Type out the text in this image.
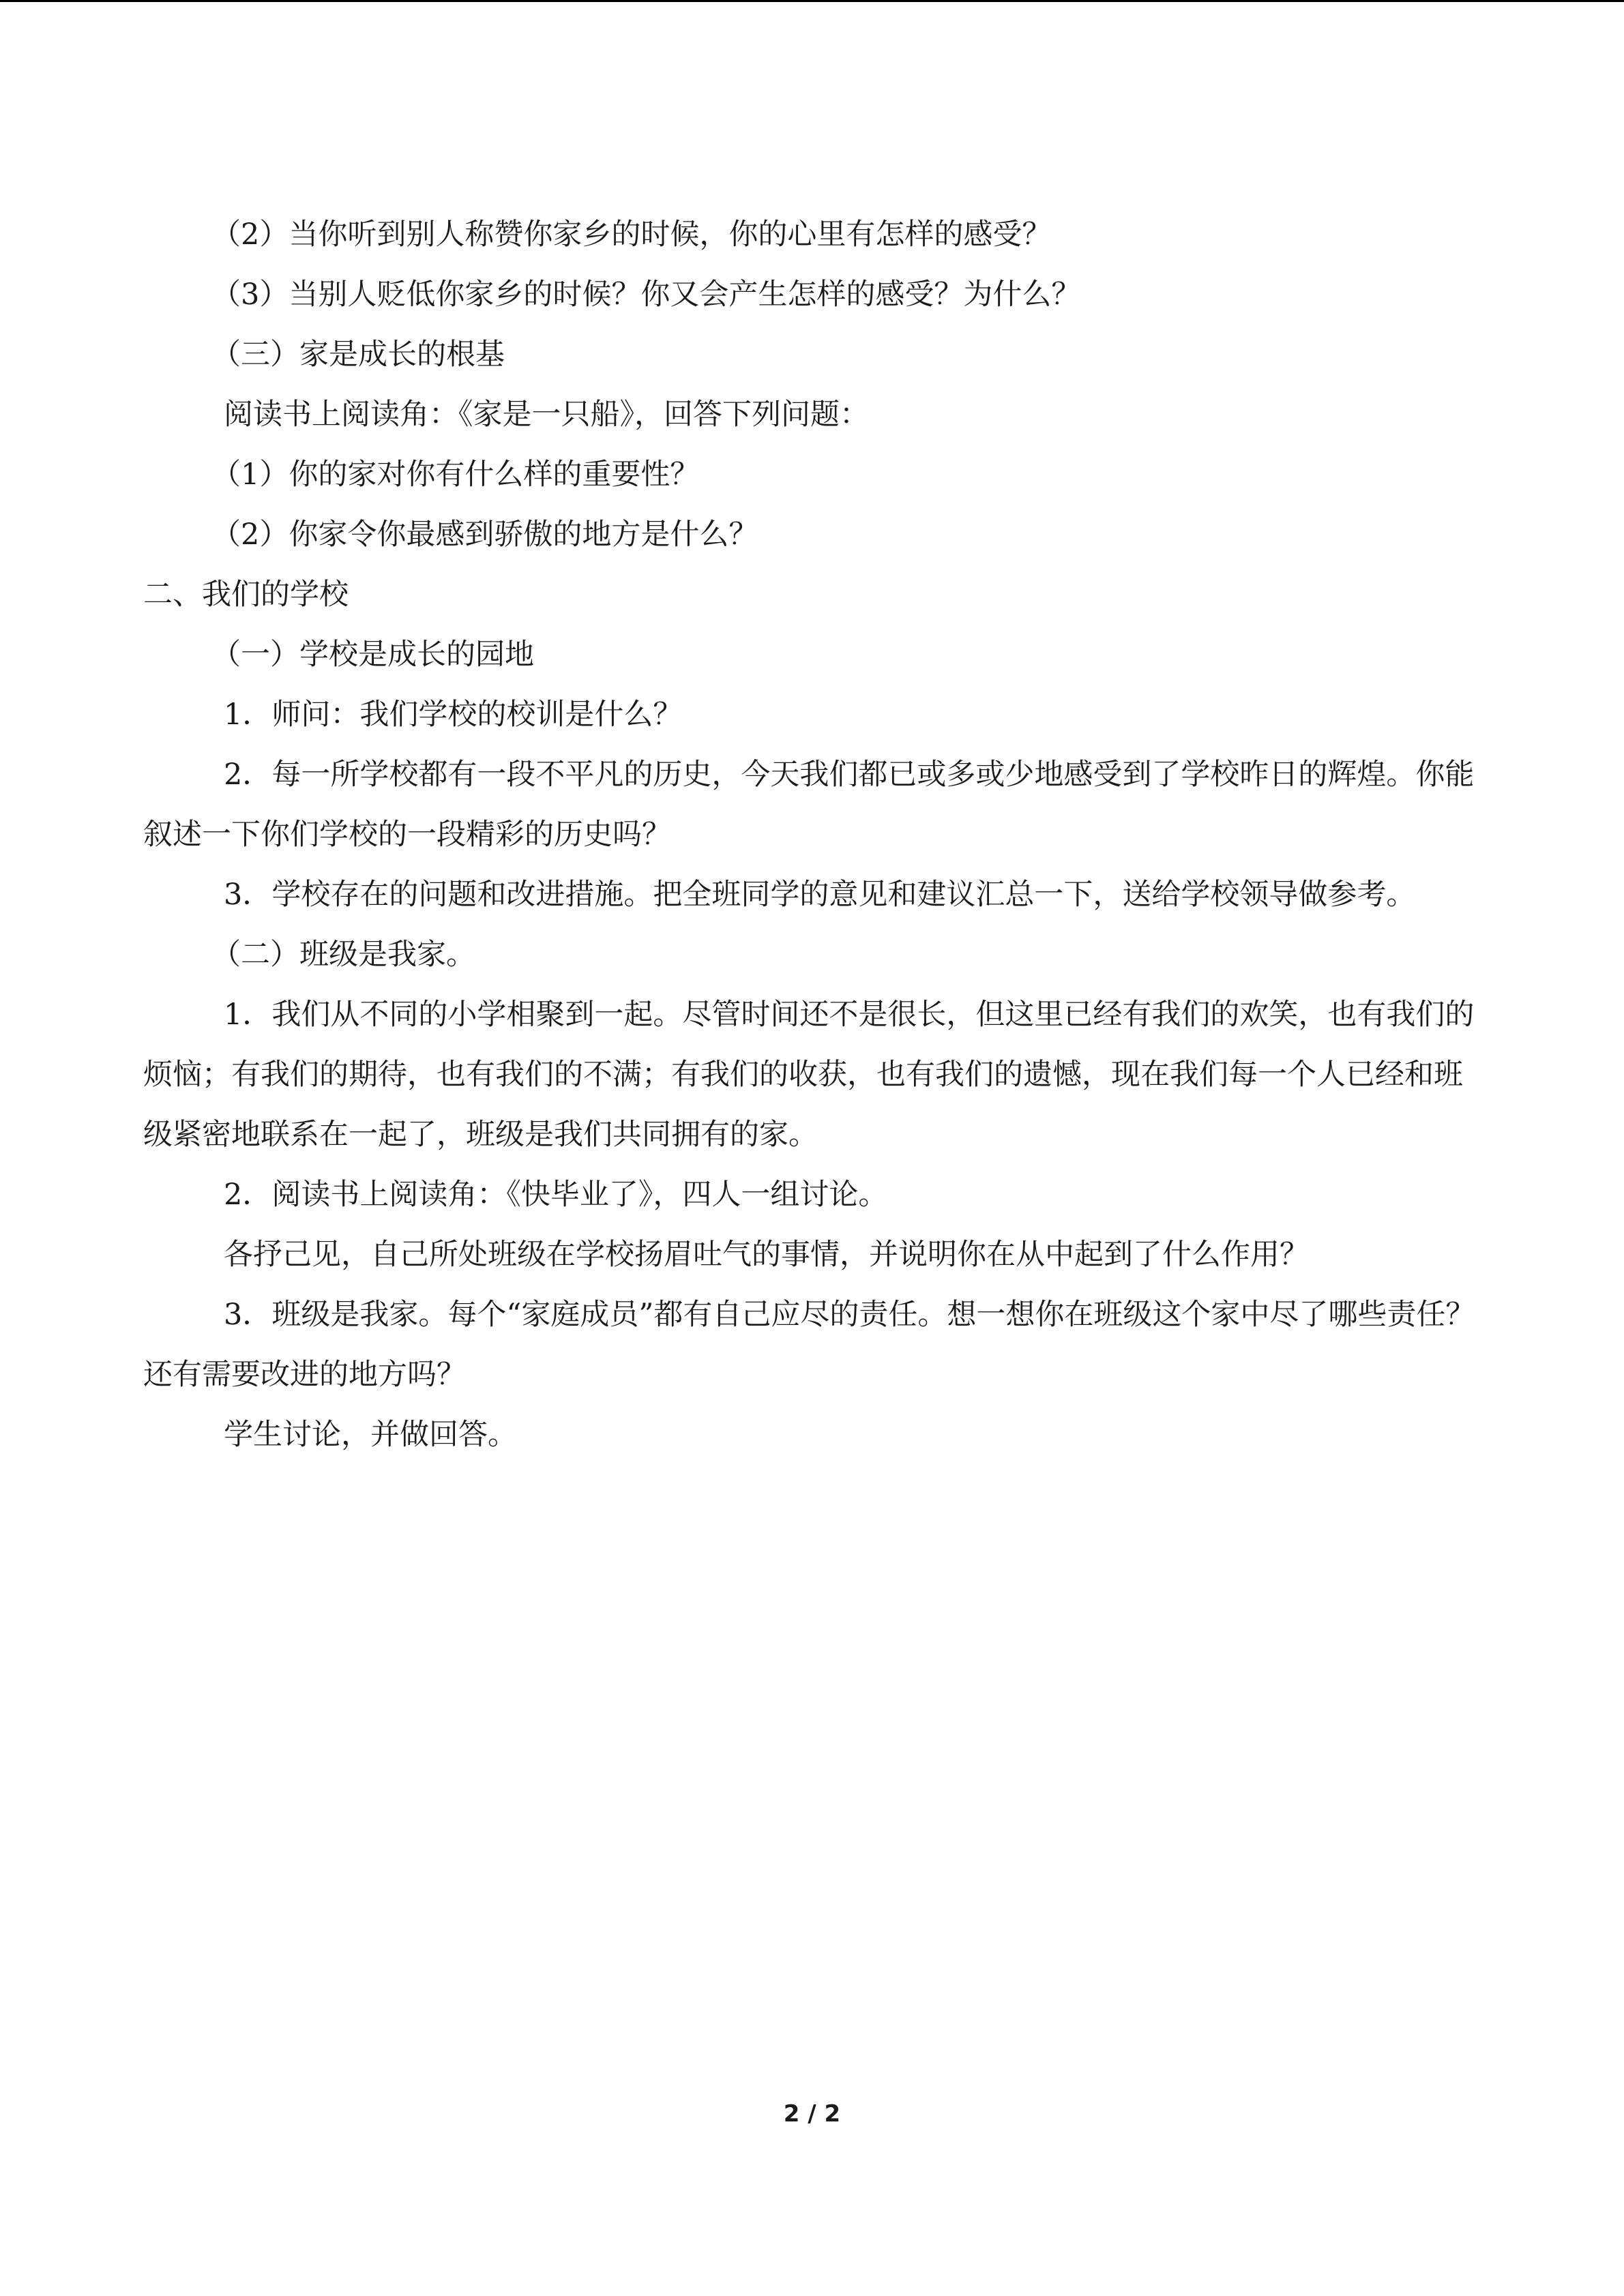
（2）当你听到别人称赞你家乡的时候，你的心里有怎样的感受？

（3）当别人贬低你家乡的时候？你又会产生怎样的感受？为什么？

（三）家是成长的根基

阅读书上阅读角：《家是一只船》，回答下列问题：

（1）你的家对你有什么样的重要性？

（2）你家令你最感到骄傲的地方是什么？

二、我们的学校

（一）学校是成长的园地

1．师问：我们学校的校训是什么？

2．每一所学校都有一段不平凡的历史，今天我们都已或多或少地感受到了学校昨日的辉煌。你能叙述一下你们学校的一段精彩的历史吗？

3．学校存在的问题和改进措施。把全班同学的意见和建议汇总一下，送给学校领导做参考。

（二）班级是我家。

1．我们从不同的小学相聚到一起。尽管时间还不是很长，但这里已经有我们的欢笑，也有我们的烦恼；有我们的期待，也有我们的不满；有我们的收获，也有我们的遗憾，现在我们每一个人已经和班级紧密地联系在一起了，班级是我们共同拥有的家。

2．阅读书上阅读角：《快毕业了》，四人一组讨论。

各抒己见，自己所处班级在学校扬眉吐气的事情，并说明你在从中起到了什么作用？

3．班级是我家。每个“家庭成员”都有自己应尽的责任。想一想你在班级这个家中尽了哪些责任？还有需要改进的地方吗？

学生讨论，并做回答。

2 / 2
